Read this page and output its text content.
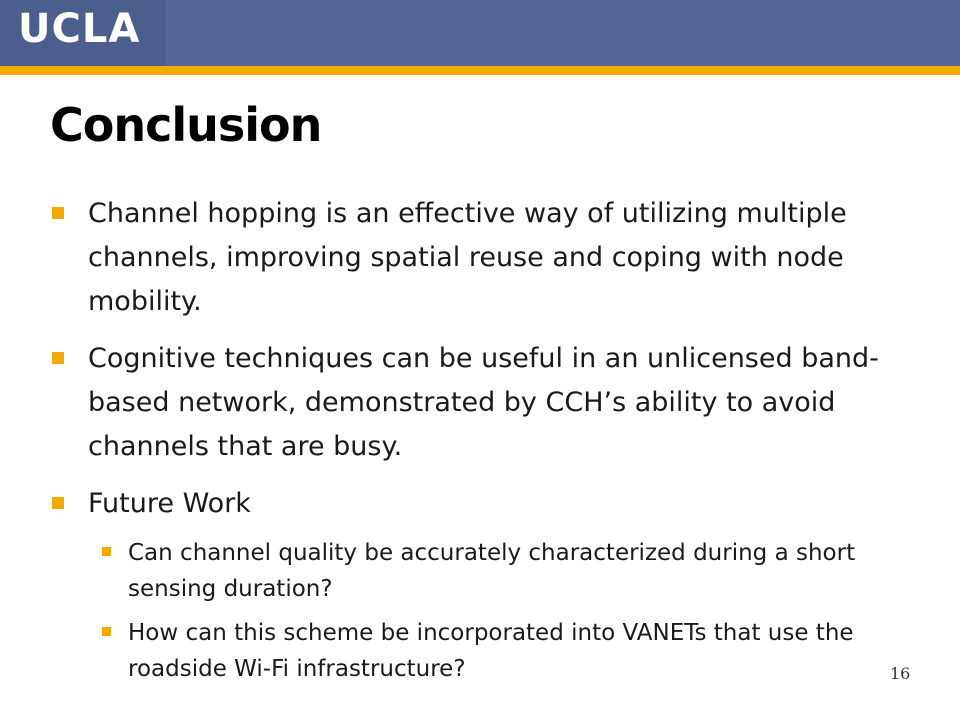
UCLA
Conclusion
Channel hopping is an effective way of utilizing multiple channels, improving spatial reuse and coping with node mobility.
Cognitive techniques can be useful in an unlicensed band-based network, demonstrated by CCH’s ability to avoid channels that are busy.
Future Work
Can channel quality be accurately characterized during a short sensing duration?
How can this scheme be incorporated into VANETs that use the roadside Wi-Fi infrastructure?	16
